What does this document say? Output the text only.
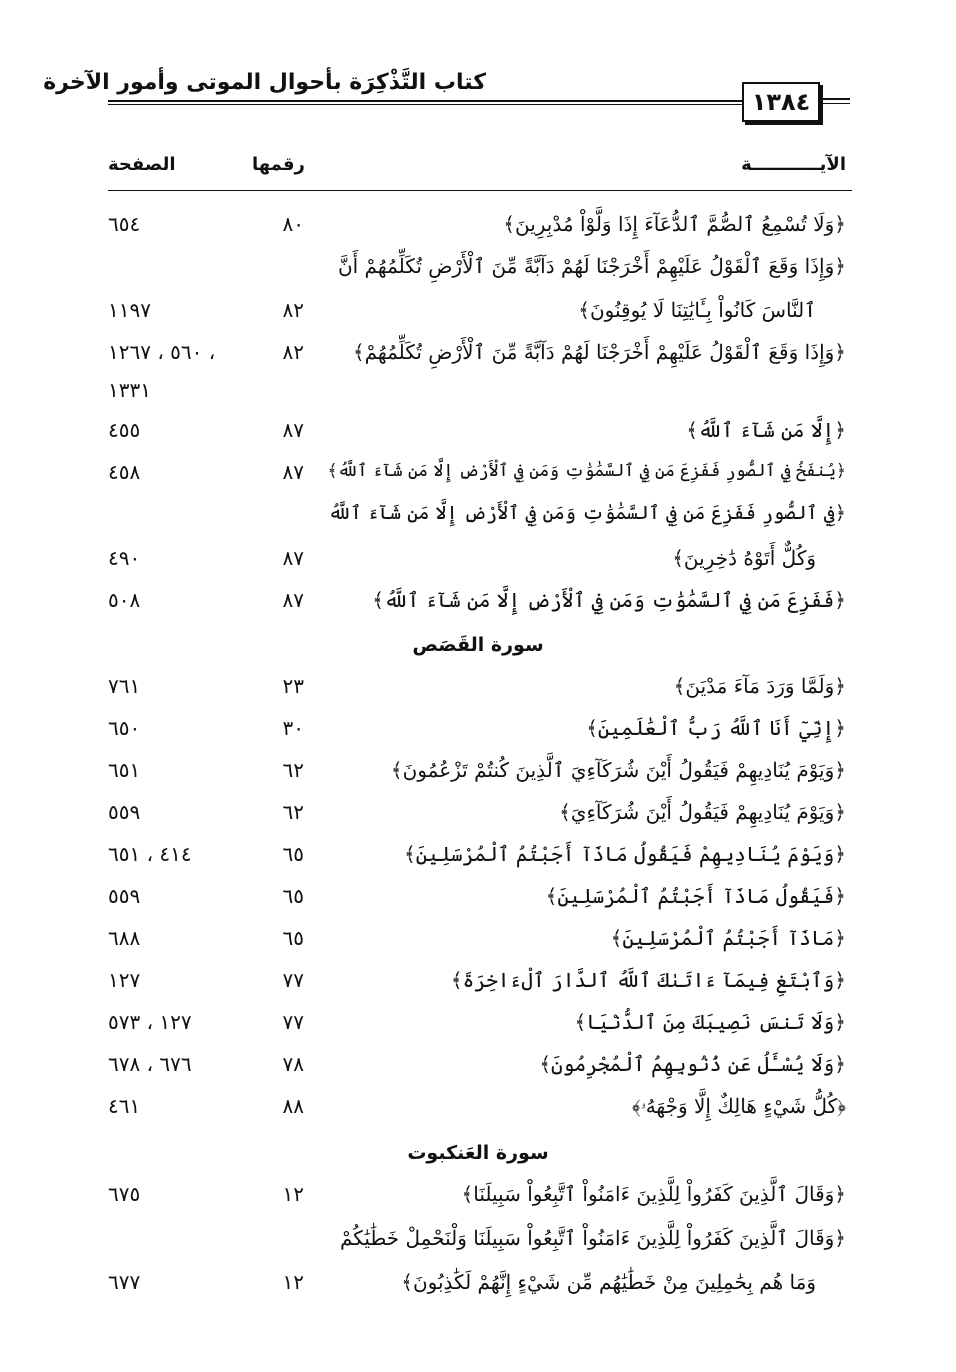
كتاب التَّذْكِرَة بأحوال الموتى وأمور الآخرة
١٣٨٤
الآيـــــــــــة
رقمها
الصفحة
﴿وَلَا تُسْمِعُ ٱلصُّمَّ ٱلدُّعَآءَ إِذَا وَلَّوْاْ مُدْبِرِينَ﴾
٨٠
٦٥٤
﴿وَإِذَا وَقَعَ ٱلْقَوْلُ عَلَيْهِمْ أَخْرَجْنَا لَهُمْ دَآبَّةً مِّنَ ٱلْأَرْضِ تُكَلِّمُهُمْ أَنَّ
ٱلنَّاسَ كَانُواْ بِـَٔايَٰتِنَا لَا يُوقِنُونَ﴾
٨٢
١١٩٧
﴿وَإِذَا وَقَعَ ٱلْقَوْلُ عَلَيْهِمْ أَخْرَجْنَا لَهُمْ دَآبَّةً مِّنَ ٱلْأَرْضِ تُكَلِّمُهُمْ﴾
٨٢
٥٦٠ ، ١٢٦٧ ،
١٣٣١
﴿إِلَّا مَن شَآءَ ٱللَّهُ﴾
٨٧
٤٥٥
﴿يُنفَخُ فِي ٱلصُّورِ فَفَزِعَ مَن فِي ٱلسَّمَٰوَٰتِ وَمَن فِي ٱلْأَرْضِ إِلَّا مَن شَآءَ ٱللَّهُ﴾
٨٧
٤٥٨
﴿فِي ٱلصُّورِ فَفَزِعَ مَن فِي ٱلسَّمَٰوَٰتِ وَمَن فِي ٱلْأَرْضِ إِلَّا مَن شَآءَ ٱللَّهُ
وَكُلٌّ أَتَوْهُ دَٰخِرِينَ﴾
٨٧
٤٩٠
﴿فَفَزِعَ مَن فِي ٱلسَّمَٰوَٰتِ وَمَن فِي ٱلْأَرْضِ إِلَّا مَن شَآءَ ٱللَّهُ﴾
٨٧
٥٠٨
سورة القَصَص
﴿وَلَمَّا وَرَدَ مَآءَ مَدْيَنَ﴾
٢٣
٧٦١
﴿إِنِّيٓ أَنَا ٱللَّهُ رَبُّ ٱلْعَٰلَمِينَ﴾
٣٠
٦٥٠
﴿وَيَوْمَ يُنَادِيهِمْ فَيَقُولُ أَيْنَ شُرَكَآءِيَ ٱلَّذِينَ كُنتُمْ تَزْعُمُونَ﴾
٦٢
٦٥١
﴿وَيَوْمَ يُنَادِيهِمْ فَيَقُولُ أَيْنَ شُرَكَآءِيَ﴾
٦٢
٥٥٩
﴿وَيَوْمَ يُنَادِيهِمْ فَيَقُولُ مَاذَآ أَجَبْتُمُ ٱلْمُرْسَلِينَ﴾
٦٥
٤١٤ ، ٦٥١
﴿فَيَقُولُ مَاذَآ أَجَبْتُمُ ٱلْمُرْسَلِينَ﴾
٦٥
٥٥٩
﴿مَاذَآ أَجَبْتُمُ ٱلْمُرْسَلِينَ﴾
٦٥
٦٨٨
﴿وَٱبْتَغِ فِيمَآ ءَاتَىٰكَ ٱللَّهُ ٱلدَّارَ ٱلْءَاخِرَةَ﴾
٧٧
١٢٧
﴿وَلَا تَنسَ نَصِيبَكَ مِنَ ٱلدُّنْيَا﴾
٧٧
١٢٧ ، ٥٧٣
﴿وَلَا يُسْـَٔلُ عَن ذُنُوبِهِمُ ٱلْمُجْرِمُونَ﴾
٧٨
٦٧٦ ، ٦٧٨
﴿كُلُّ شَيْءٍ هَالِكٌ إِلَّا وَجْهَهُۥ﴾
٨٨
٤٦١
سورة العَنكبوت
﴿وَقَالَ ٱلَّذِينَ كَفَرُواْ لِلَّذِينَ ءَامَنُواْ ٱتَّبِعُواْ سَبِيلَنَا﴾
١٢
٦٧٥
﴿وَقَالَ ٱلَّذِينَ كَفَرُواْ لِلَّذِينَ ءَامَنُواْ ٱتَّبِعُواْ سَبِيلَنَا وَلْنَحْمِلْ خَطَٰيَٰكُمْ
وَمَا هُم بِحَٰمِلِينَ مِنْ خَطَٰيَٰهُم مِّن شَيْءٍ إِنَّهُمْ لَكَٰذِبُونَ﴾
١٢
٦٧٧
